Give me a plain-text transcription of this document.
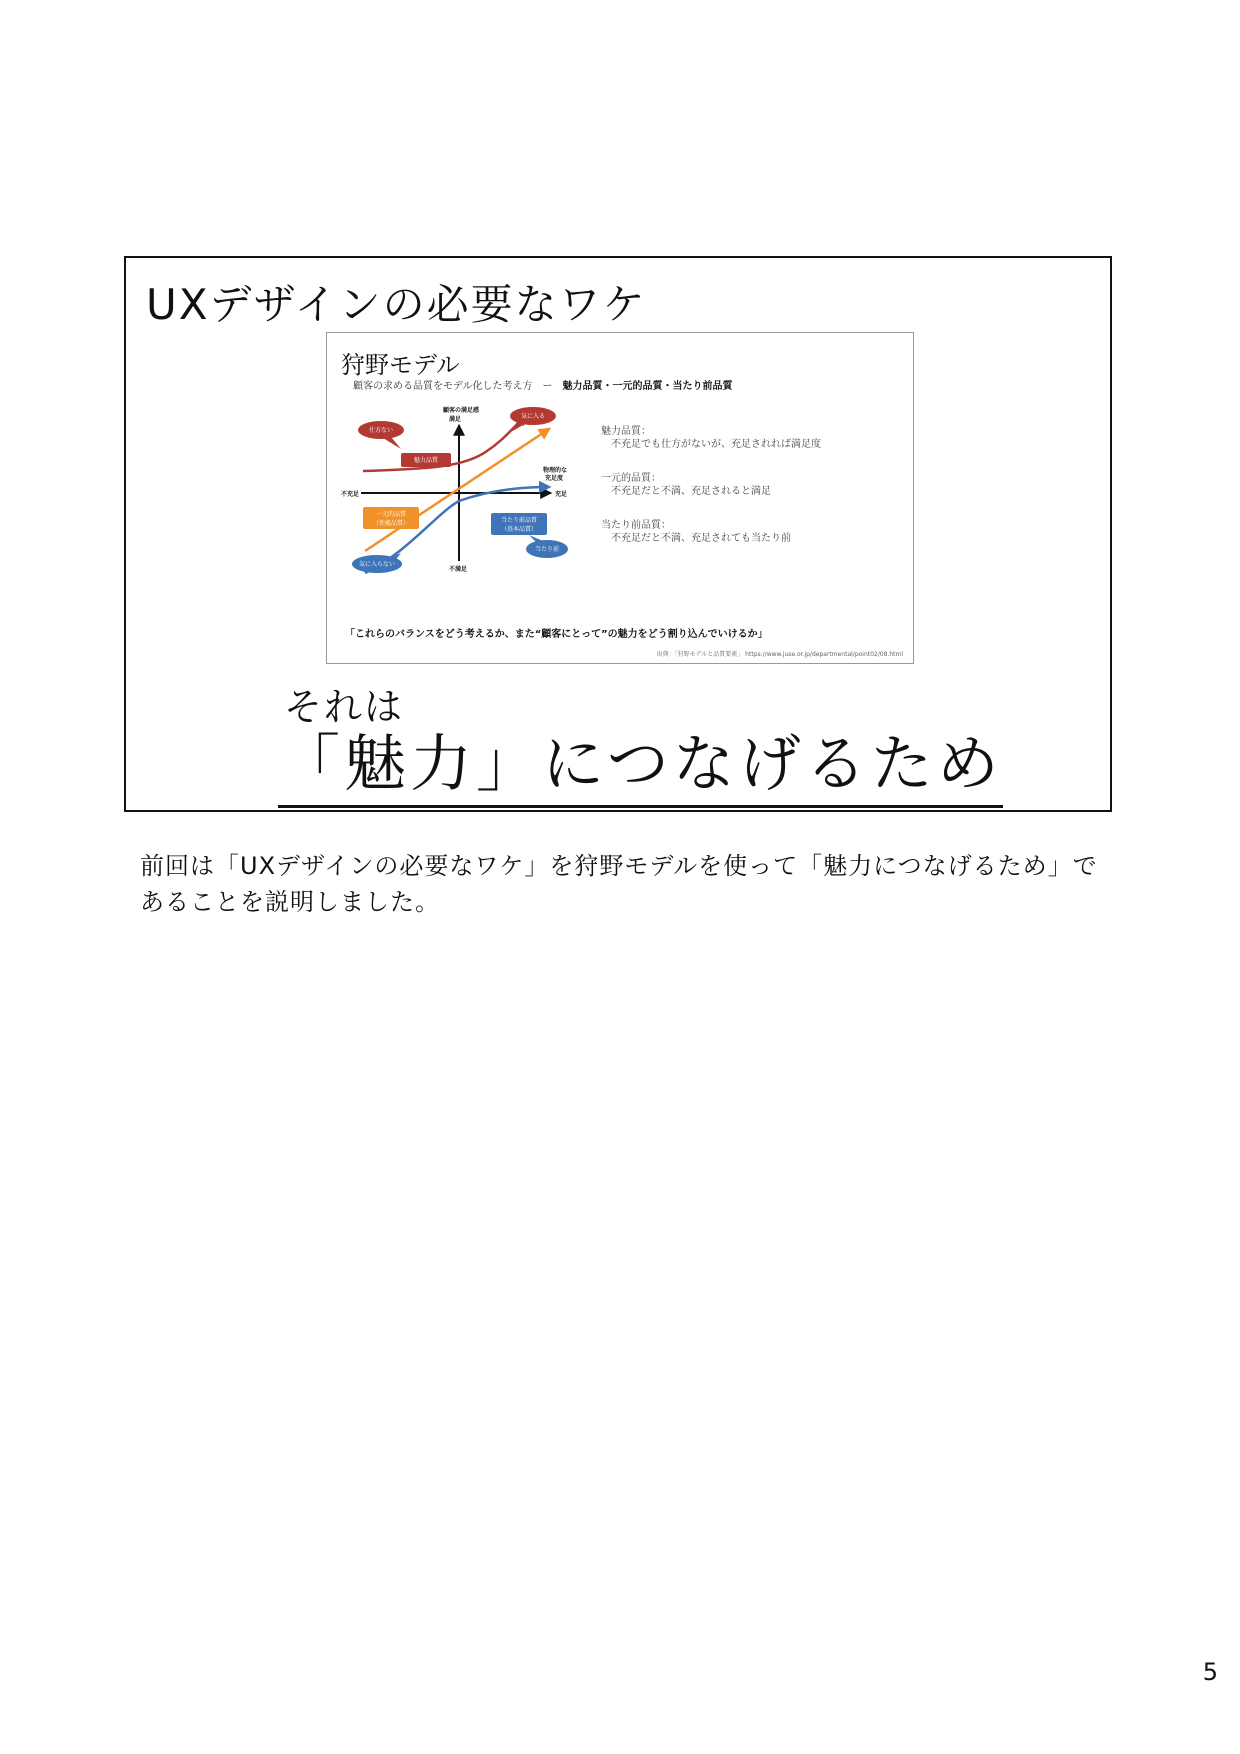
UXデザインの必要なワケ
狩野モデル
顧客の求める品質をモデル化した考え方　ー　魅力品質・一元的品質・当たり前品質
顧客の満足感
満足
不満足
不充足
物理的な
充足度
充足
仕方ない
気に入る
魅力品質
一元的品質
（性能品質）	当たり前品質
（基本品質）
気に入らない
当たり前
魅力品質：
不充足でも仕方がないが、充足されれば満足度
一元的品質：
不充足だと不満、充足されると満足
当たり前品質：
不充足だと不満、充足されても当たり前
「これらのバランスをどう考えるか、また“顧客にとって”の魅力をどう割り込んでいけるか」
出典：「狩野モデルと品質要素」 https://www.juse.or.jp/departmental/point02/08.html
それは
「魅力」につなげるため

前回は「UXデザインの必要なワケ」を狩野モデルを使って「魅力につなげるため」であることを説明しました。

5
